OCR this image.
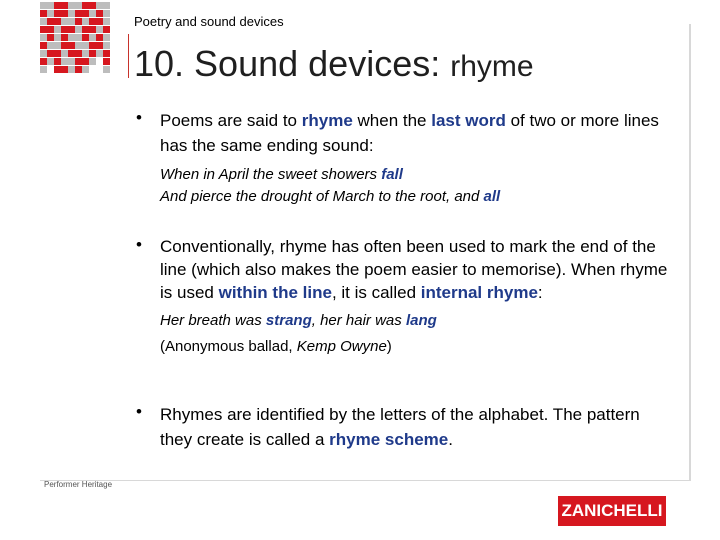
Poetry and sound devices
10. Sound devices: rhyme
• Poems are said to rhyme when the last word of two or more lines has the same ending sound:

When in April the sweet showers fall

And pierce the drought of March to the root, and all

• Conventionally, rhyme has often been used to mark the end of the line (which also makes the poem easier to memorise). When rhyme is used within the line, it is called internal rhyme:

Her breath was strang, her hair was lang

(Anonymous ballad, Kemp Owyne)

• Rhymes are identified by the letters of the alphabet. The pattern they create is called a rhyme scheme.

Performer Heritage
ZANICHELLI
